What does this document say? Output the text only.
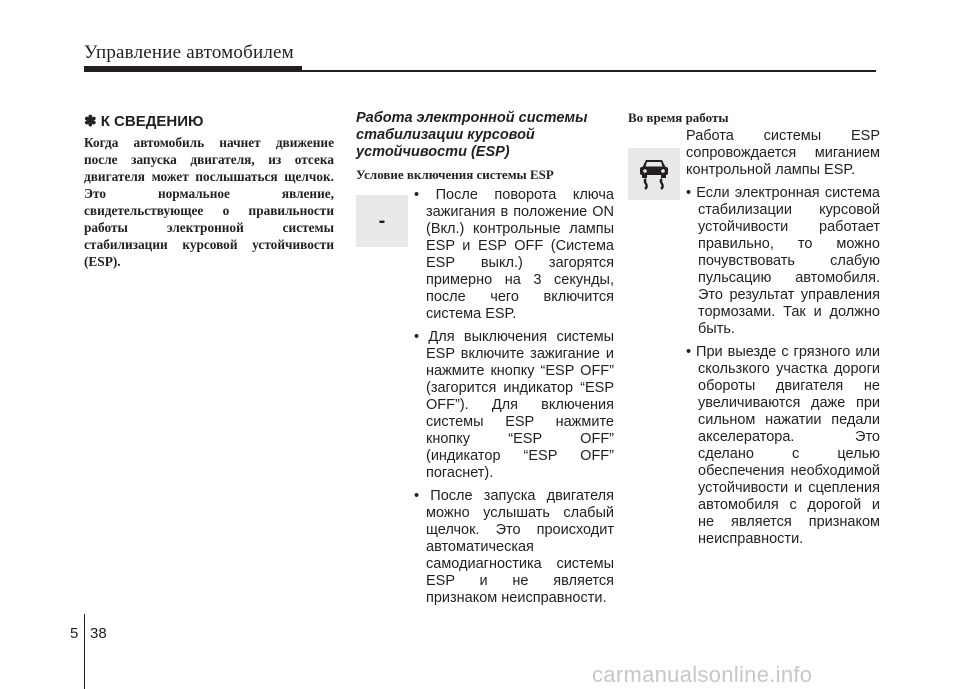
Управление автомобилем
✽ К СВЕДЕНИЮ

Когда автомобиль начнет движение после запуска двигателя, из отсека двигателя может послышаться щелчок. Это нормальное явление, свидетельствующее о правильности работы электронной системы стабилизации курсовой устойчивости (ESP).

Работа электронной системы стабилизации курсовой устойчивости (ESP)
Условие включения системы ESP
-

• После поворота ключа зажигания в положение ON (Вкл.) контрольные лампы ESP и ESP OFF (Система ESP выкл.) загорятся примерно на 3 секунды, после чего включится система ESP.

• Для выключения системы ESP включите зажигание и нажмите кнопку “ESP OFF” (загорится индикатор “ESP OFF”). Для включения системы ESP нажмите кнопку “ESP OFF” (индикатор “ESP OFF” погаснет).

• После запуска двигателя можно услышать слабый щелчок. Это происходит автоматическая самодиагностика системы ESP и не является признаком неисправности.

Во время работы

Работа системы ESP сопровождается миганием контрольной лампы ESP.

• Если электронная система стабилизации курсовой устойчивости работает правильно, то можно почувствовать слабую пульсацию автомобиля. Это результат управления тормозами. Так и должно быть.

• При выезде с грязного или скользкого участка дороги обороты двигателя не увеличиваются даже при сильном нажатии педали акселератора. Это сделано с целью обеспечения необходимой устойчивости и сцепления автомобиля с дорогой и не является признаком неисправности.

5 38
carmanualsonline.info
